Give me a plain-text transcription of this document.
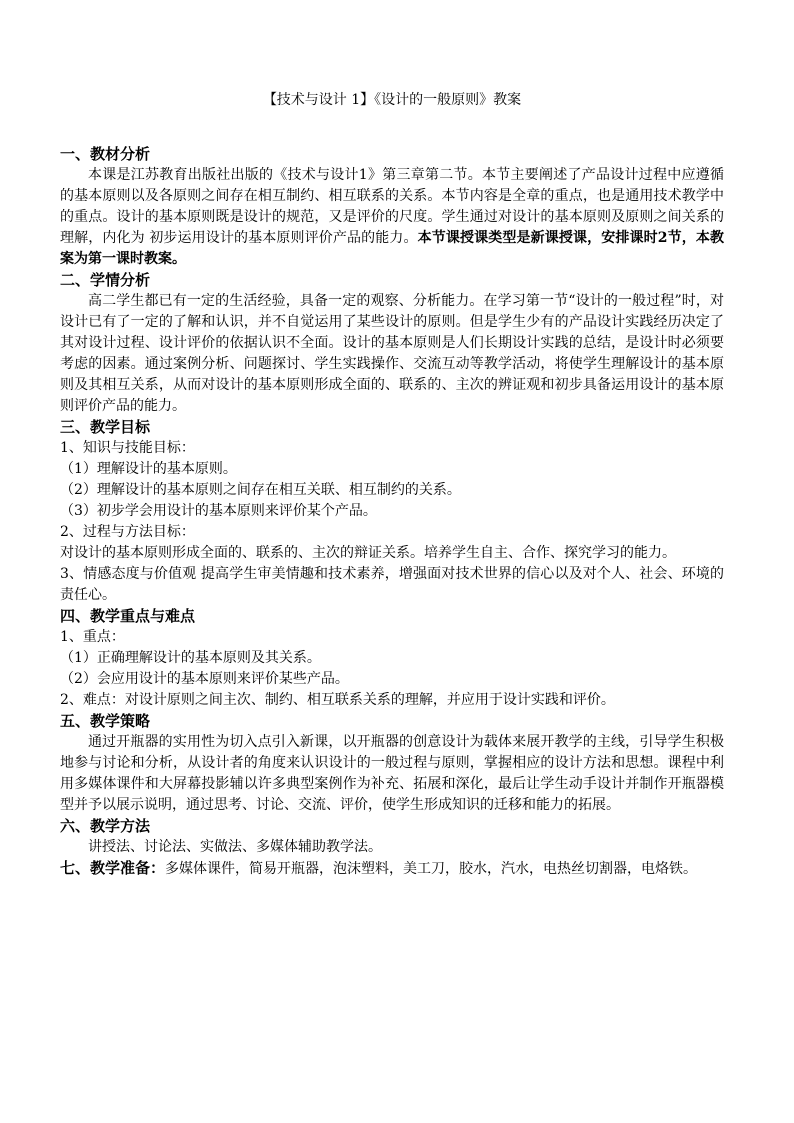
【技术与设计 1】《设计的一般原则》教案
一、教材分析

本课是江苏教育出版社出版的《技术与设计1》第三章第二节。本节主要阐述了产品设计过程中应遵循的基本原则以及各原则之间存在相互制约、相互联系的关系。本节内容是全章的重点，也是通用技术教学中的重点。设计的基本原则既是设计的规范，又是评价的尺度。学生通过对设计的基本原则及原则之间关系的理解，内化为 初步运用设计的基本原则评价产品的能力。本节课授课类型是新课授课，安排课时2节，本教案为第一课时教案。

二、学情分析

高二学生都已有一定的生活经验，具备一定的观察、分析能力。在学习第一节“设计的一般过程”时，对设计已有了一定的了解和认识，并不自觉运用了某些设计的原则。但是学生少有的产品设计实践经历决定了其对设计过程、设计评价的依据认识不全面。设计的基本原则是人们长期设计实践的总结，是设计时必须要考虑的因素。通过案例分析、问题探讨、学生实践操作、交流互动等教学活动，将使学生理解设计的基本原则及其相互关系，从而对设计的基本原则形成全面的、联系的、主次的辨证观和初步具备运用设计的基本原则评价产品的能力。

三、教学目标

1、知识与技能目标：

（1）理解设计的基本原则。

（2）理解设计的基本原则之间存在相互关联、相互制约的关系。

（3）初步学会用设计的基本原则来评价某个产品。

2、过程与方法目标：

对设计的基本原则形成全面的、联系的、主次的辩证关系。培养学生自主、合作、探究学习的能力。

3、情感态度与价值观 提高学生审美情趣和技术素养，增强面对技术世界的信心以及对个人、社会、环境的责任心。

四、教学重点与难点

1、重点：

（1）正确理解设计的基本原则及其关系。

（2）会应用设计的基本原则来评价某些产品。

2、难点：对设计原则之间主次、制约、相互联系关系的理解，并应用于设计实践和评价。

五、教学策略

通过开瓶器的实用性为切入点引入新课，以开瓶器的创意设计为载体来展开教学的主线，引导学生积极地参与讨论和分析，从设计者的角度来认识设计的一般过程与原则，掌握相应的设计方法和思想。课程中利用多媒体课件和大屏幕投影辅以许多典型案例作为补充、拓展和深化，最后让学生动手设计并制作开瓶器模型并予以展示说明，通过思考、讨论、交流、评价，使学生形成知识的迁移和能力的拓展。

六、教学方法

讲授法、讨论法、实做法、多媒体辅助教学法。

七、教学准备：多媒体课件，简易开瓶器，泡沫塑料，美工刀，胶水，汽水，电热丝切割器，电烙铁。
